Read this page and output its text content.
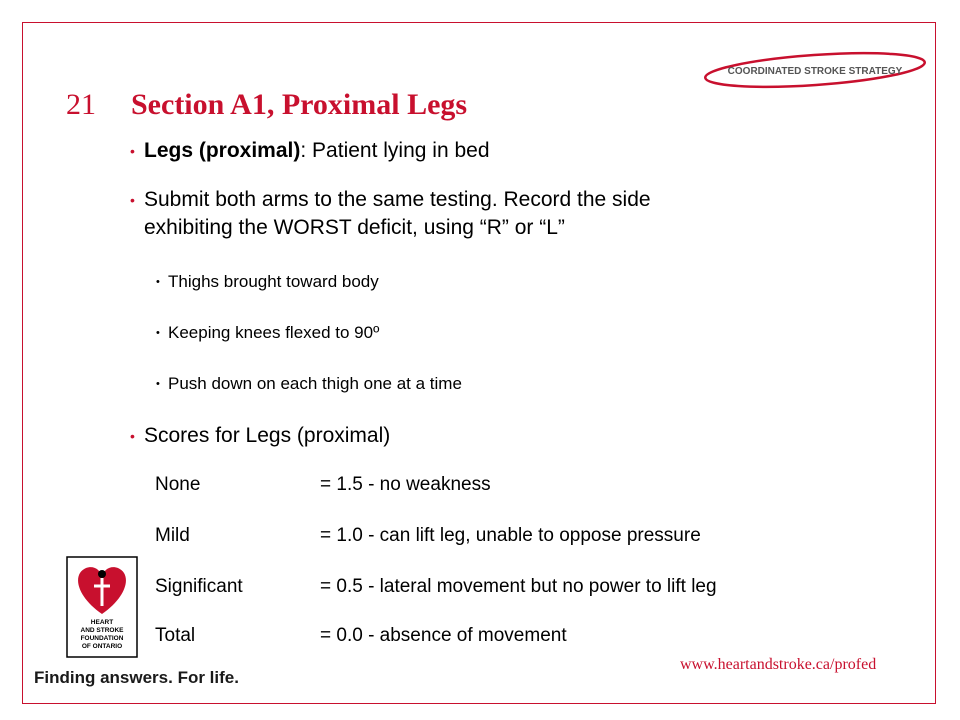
COORDINATED STROKE STRATEGY
21 Section A1, Proximal Legs
• Legs (proximal): Patient lying in bed
• Submit both arms to the same testing. Record the side
exhibiting the WORST deficit, using “R” or “L”
• Thighs brought toward body
• Keeping knees flexed to 90º
• Push down on each thigh one at a time
• Scores for Legs (proximal)
None	= 1.5 - no weakness
Mild	= 1.0 - can lift leg, unable to oppose pressure
Significant	= 0.5 - lateral movement but no power to lift leg
Total	= 0.0 - absence of movement
HEART
AND STROKE
FOUNDATION
OF ONTARIO
Finding answers. For life.
www.heartandstroke.ca/profed
